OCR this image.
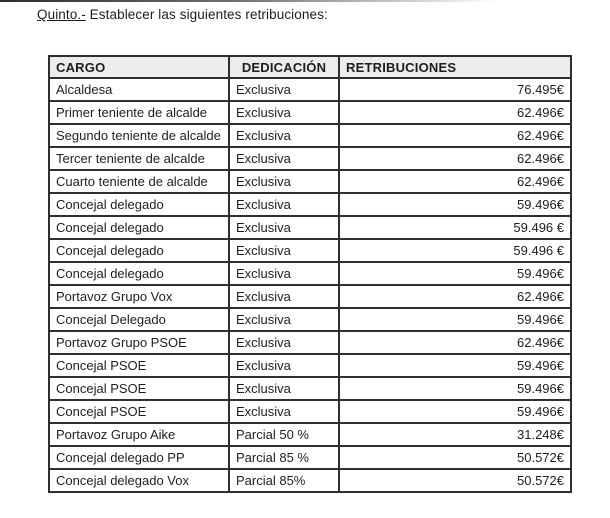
Quinto.- Establecer las siguientes retribuciones:
CARGO	DEDICACIÓN	RETRIBUCIONES
Alcaldesa	Exclusiva	76.495€
Primer teniente de alcalde	Exclusiva	62.496€
Segundo teniente de alcalde	Exclusiva	62.496€
Tercer teniente de alcalde	Exclusiva	62.496€
Cuarto teniente de alcalde	Exclusiva	62.496€
Concejal delegado	Exclusiva	59.496€
Concejal delegado	Exclusiva	59.496 €
Concejal delegado	Exclusiva	59.496 €
Concejal delegado	Exclusiva	59.496€
Portavoz Grupo Vox	Exclusiva	62.496€
Concejal Delegado	Exclusiva	59.496€
Portavoz Grupo PSOE	Exclusiva	62.496€
Concejal PSOE	Exclusiva	59.496€
Concejal PSOE	Exclusiva	59.496€
Concejal PSOE	Exclusiva	59.496€
Portavoz Grupo Aike	Parcial 50 %	31.248€
Concejal delegado PP	Parcial 85 %	50.572€
Concejal delegado Vox	Parcial 85%	50.572€
